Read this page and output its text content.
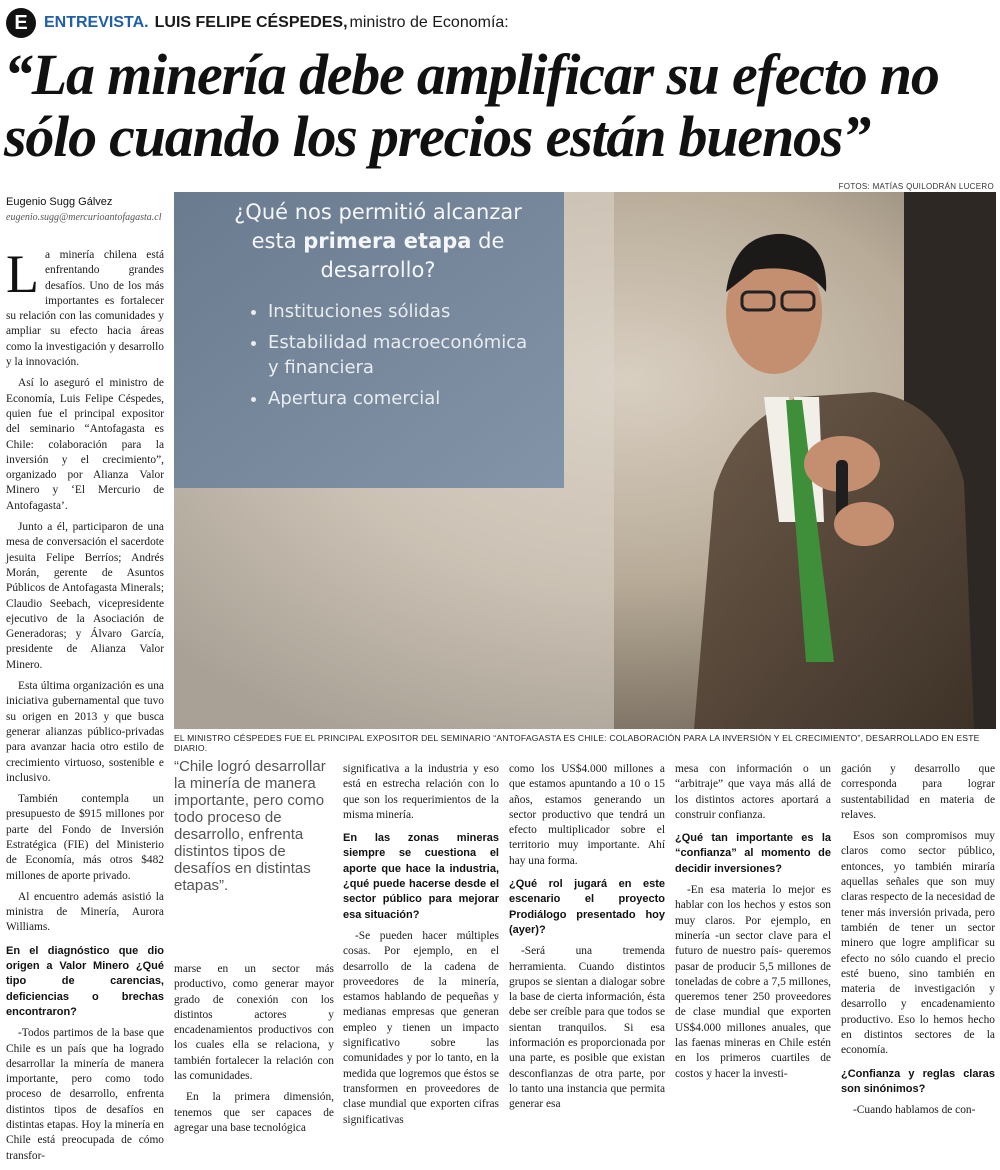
E	ENTREVISTA. LUIS FELIPE CÉSPEDES, ministro de Economía:
“La minería debe amplificar su efecto no sólo cuando los precios están buenos”
FOTOS: MATÍAS QUILODRÁN LUCERO
Eugenio Sugg Gálvez
eugenio.sugg@mercurioantofagasta.cl

La minería chilena está enfrentando grandes desafíos. Uno de los más importantes es fortalecer su relación con las comunidades y ampliar su efecto hacia áreas como la investigación y desarrollo y la innovación.

Así lo aseguró el ministro de Economía, Luis Felipe Céspedes, quien fue el principal expositor del seminario “Antofagasta es Chile: colaboración para la inversión y el crecimiento”, organizado por Alianza Valor Minero y ‘El Mercurio de Antofagasta’.

Junto a él, participaron de una mesa de conversación el sacerdote jesuita Felipe Berríos; Andrés Morán, gerente de Asuntos Públicos de Antofagasta Minerals; Claudio Seebach, vicepresidente ejecutivo de la Asociación de Generadoras; y Álvaro García, presidente de Alianza Valor Minero.

Esta última organización es una iniciativa gubernamental que tuvo su origen en 2013 y que busca generar alianzas público-privadas para avanzar hacia otro estilo de crecimiento virtuoso, sostenible e inclusivo.

También contempla un presupuesto de $915 millones por parte del Fondo de Inversión Estratégica (FIE) del Ministerio de Economía, más otros $482 millones de aporte privado.

Al encuentro además asistió la ministra de Minería, Aurora Williams.

En el diagnóstico que dio origen a Valor Minero ¿Qué tipo de carencias, deficiencias o brechas encontraron?

-Todos partimos de la base que Chile es un país que ha logrado desarrollar la minería de manera importante, pero como todo proceso de desarrollo, enfrenta distintos tipos de desafíos en distintas etapas. Hoy la minería en Chile está preocupada de cómo transfor-

¿Qué nos permitió alcanzar esta primera etapa de desarrollo?
• Instituciones sólidas
• Estabilidad macroeconómica y financiera
• Apertura comercial
EL MINISTRO CÉSPEDES FUE EL PRINCIPAL EXPOSITOR DEL SEMINARIO “ANTOFAGASTA ES CHILE: COLABORACIÓN PARA LA INVERSIÓN Y EL CRECIMIENTO”, DESARROLLADO EN ESTE DIARIO.
“Chile logró desarrollar la minería de manera importante, pero como todo proceso de desarrollo, enfrenta distintos tipos de desafíos en distintas etapas”.

marse en un sector más productivo, como generar mayor grado de conexión con los distintos actores y encadenamientos productivos con los cuales ella se relaciona, y también fortalecer la relación con las comunidades.

En la primera dimensión, tenemos que ser capaces de agregar una base tecnológica

significativa a la industria y eso está en estrecha relación con lo que son los requerimientos de la misma minería.

En las zonas mineras siempre se cuestiona el aporte que hace la industria, ¿qué puede hacerse desde el sector público para mejorar esa situación?

-Se pueden hacer múltiples cosas. Por ejemplo, en el desarrollo de la cadena de proveedores de la minería, estamos hablando de pequeñas y medianas empresas que generan empleo y tienen un impacto significativo sobre las comunidades y por lo tanto, en la medida que logremos que éstos se transformen en proveedores de clase mundial que exporten cifras significativas

como los US$4.000 millones a que estamos apuntando a 10 o 15 años, estamos generando un sector productivo que tendrá un efecto multiplicador sobre el territorio muy importante. Ahí hay una forma.

¿Qué rol jugará en este escenario el proyecto Prodiálogo presentado hoy (ayer)?

-Será una tremenda herramienta. Cuando distintos grupos se sientan a dialogar sobre la base de cierta información, ésta debe ser creíble para que todos se sientan tranquilos. Si esa información es proporcionada por una parte, es posible que existan desconfianzas de otra parte, por lo tanto una instancia que permita generar esa

mesa con información o un “arbitraje” que vaya más allá de los distintos actores aportará a construir confianza.

¿Qué tan importante es la “confianza” al momento de decidir inversiones?

-En esa materia lo mejor es hablar con los hechos y estos son muy claros. Por ejemplo, en minería -un sector clave para el futuro de nuestro país- queremos pasar de producir 5,5 millones de toneladas de cobre a 7,5 millones, queremos tener 250 proveedores de clase mundial que exporten US$4.000 millones anuales, que las faenas mineras en Chile estén en los primeros cuartiles de costos y hacer la investi-

gación y desarrollo que corresponda para lograr sustentabilidad en materia de relaves.

Esos son compromisos muy claros como sector público, entonces, yo también miraría aquellas señales que son muy claras respecto de la necesidad de tener más inversión privada, pero también de tener un sector minero que logre amplificar su efecto no sólo cuando el precio esté bueno, sino también en materia de investigación y desarrollo y encadenamiento productivo. Eso lo hemos hecho en distintos sectores de la economía.

¿Confianza y reglas claras son sinónimos?

-Cuando hablamos de con-
